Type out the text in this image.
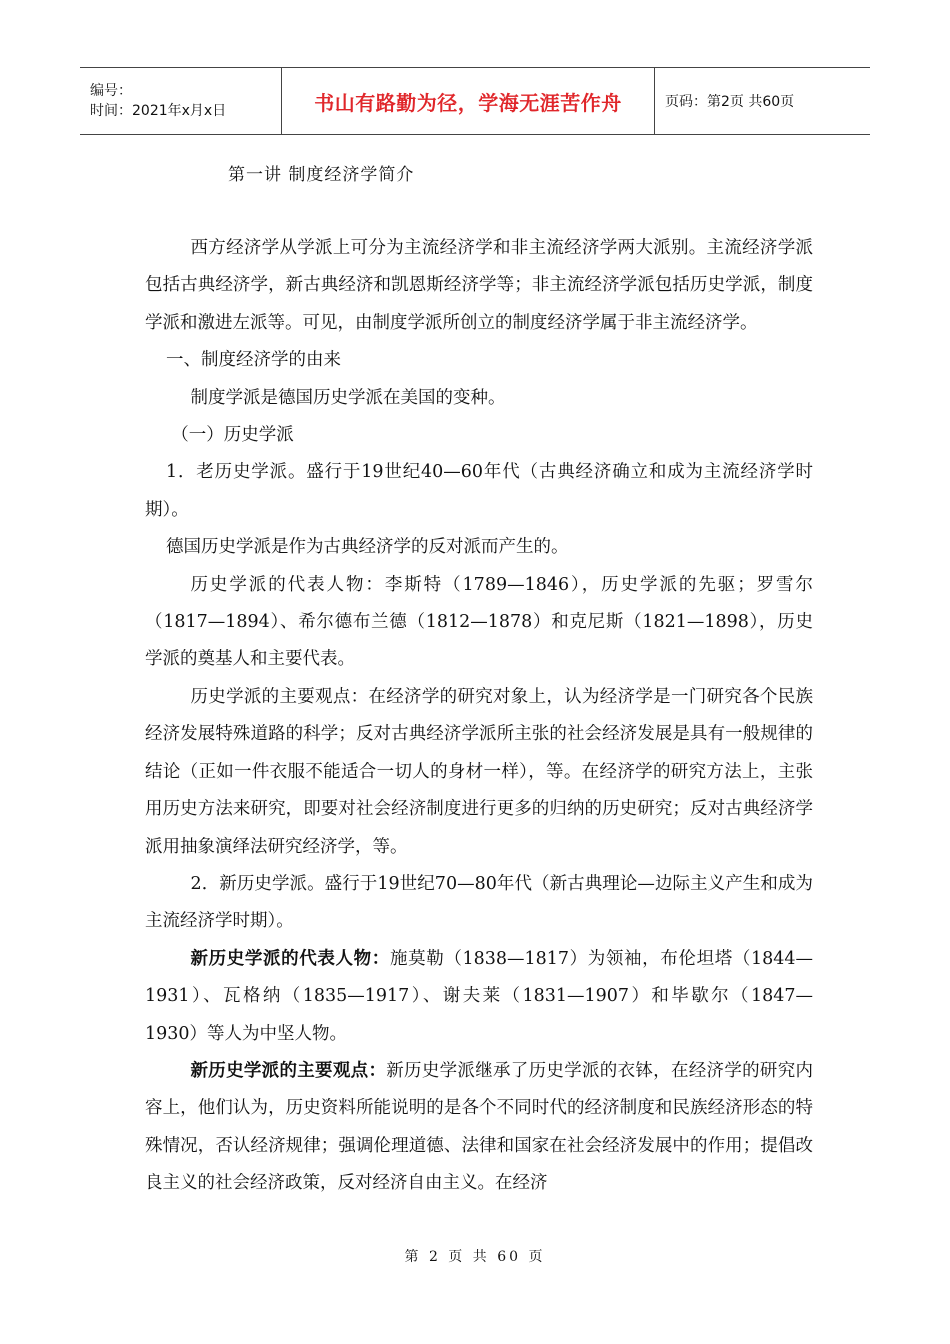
编号：
时间：2021年x月x日	书山有路勤为径，学海无涯苦作舟	页码：第2页 共60页
第一讲 制度经济学简介

西方经济学从学派上可分为主流经济学和非主流经济学两大派别。主流经济学派包括古典经济学，新古典经济和凯恩斯经济学等；非主流经济学派包括历史学派，制度学派和激进左派等。可见，由制度学派所创立的制度经济学属于非主流经济学。

一、制度经济学的由来

制度学派是德国历史学派在美国的变种。

（一）历史学派

1．老历史学派。盛行于19世纪40—60年代（古典经济确立和成为主流经济学时期）。

德国历史学派是作为古典经济学的反对派而产生的。

历史学派的代表人物：李斯特（1789—1846），历史学派的先驱；罗雪尔（1817—1894）、希尔德布兰德（1812—1878）和克尼斯（1821—1898），历史学派的奠基人和主要代表。

历史学派的主要观点：在经济学的研究对象上，认为经济学是一门研究各个民族经济发展特殊道路的科学；反对古典经济学派所主张的社会经济发展是具有一般规律的结论（正如一件衣服不能适合一切人的身材一样），等。在经济学的研究方法上，主张用历史方法来研究，即要对社会经济制度进行更多的归纳的历史研究；反对古典经济学派用抽象演绎法研究经济学，等。

2．新历史学派。盛行于19世纪70—80年代（新古典理论—边际主义产生和成为主流经济学时期）。

新历史学派的代表人物：施莫勒（1838—1817）为领袖，布伦坦塔（1844—1931）、瓦格纳（1835—1917）、谢夫莱（1831—1907）和毕歇尔（1847—1930）等人为中坚人物。

新历史学派的主要观点：新历史学派继承了历史学派的衣钵，在经济学的研究内容上，他们认为，历史资料所能说明的是各个不同时代的经济制度和民族经济形态的特殊情况，否认经济规律；强调伦理道德、法律和国家在社会经济发展中的作用；提倡改良主义的社会经济政策，反对经济自由主义。在经济

第 2 页 共 60 页
